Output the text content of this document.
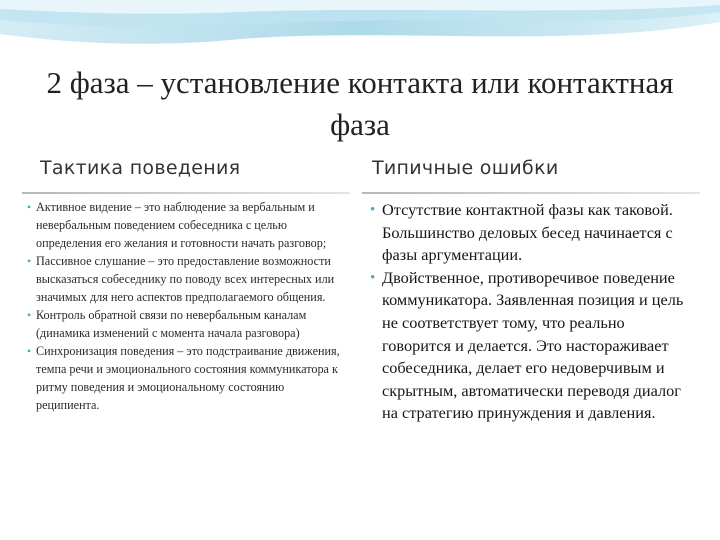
2 фаза – установление контакта или контактная фаза
Тактика поведения	Типичные ошибки
• Активное видение – это наблюдение за вербальным и невербальным поведением собеседника с целью определения его желания и готовности начать разговор;
• Пассивное слушание – это предоставление возможности высказаться собеседнику по поводу всех интересных или значимых для него аспектов предполагаемого общения.
• Контроль обратной связи по невербальным каналам (динамика изменений с момента начала разговора)
• Синхронизация поведения – это подстраивание движения, темпа речи и эмоционального состояния коммуникатора к ритму поведения и эмоциональному состоянию реципиента.
• Отсутствие контактной фазы как таковой. Большинство деловых бесед начинается с фазы аргументации.
• Двойственное, противоречивое поведение коммуникатора. Заявленная позиция и цель не соответствует тому, что реально говорится и делается. Это настораживает собеседника, делает его недоверчивым и скрытным, автоматически переводя диалог на стратегию принуждения и давления.
